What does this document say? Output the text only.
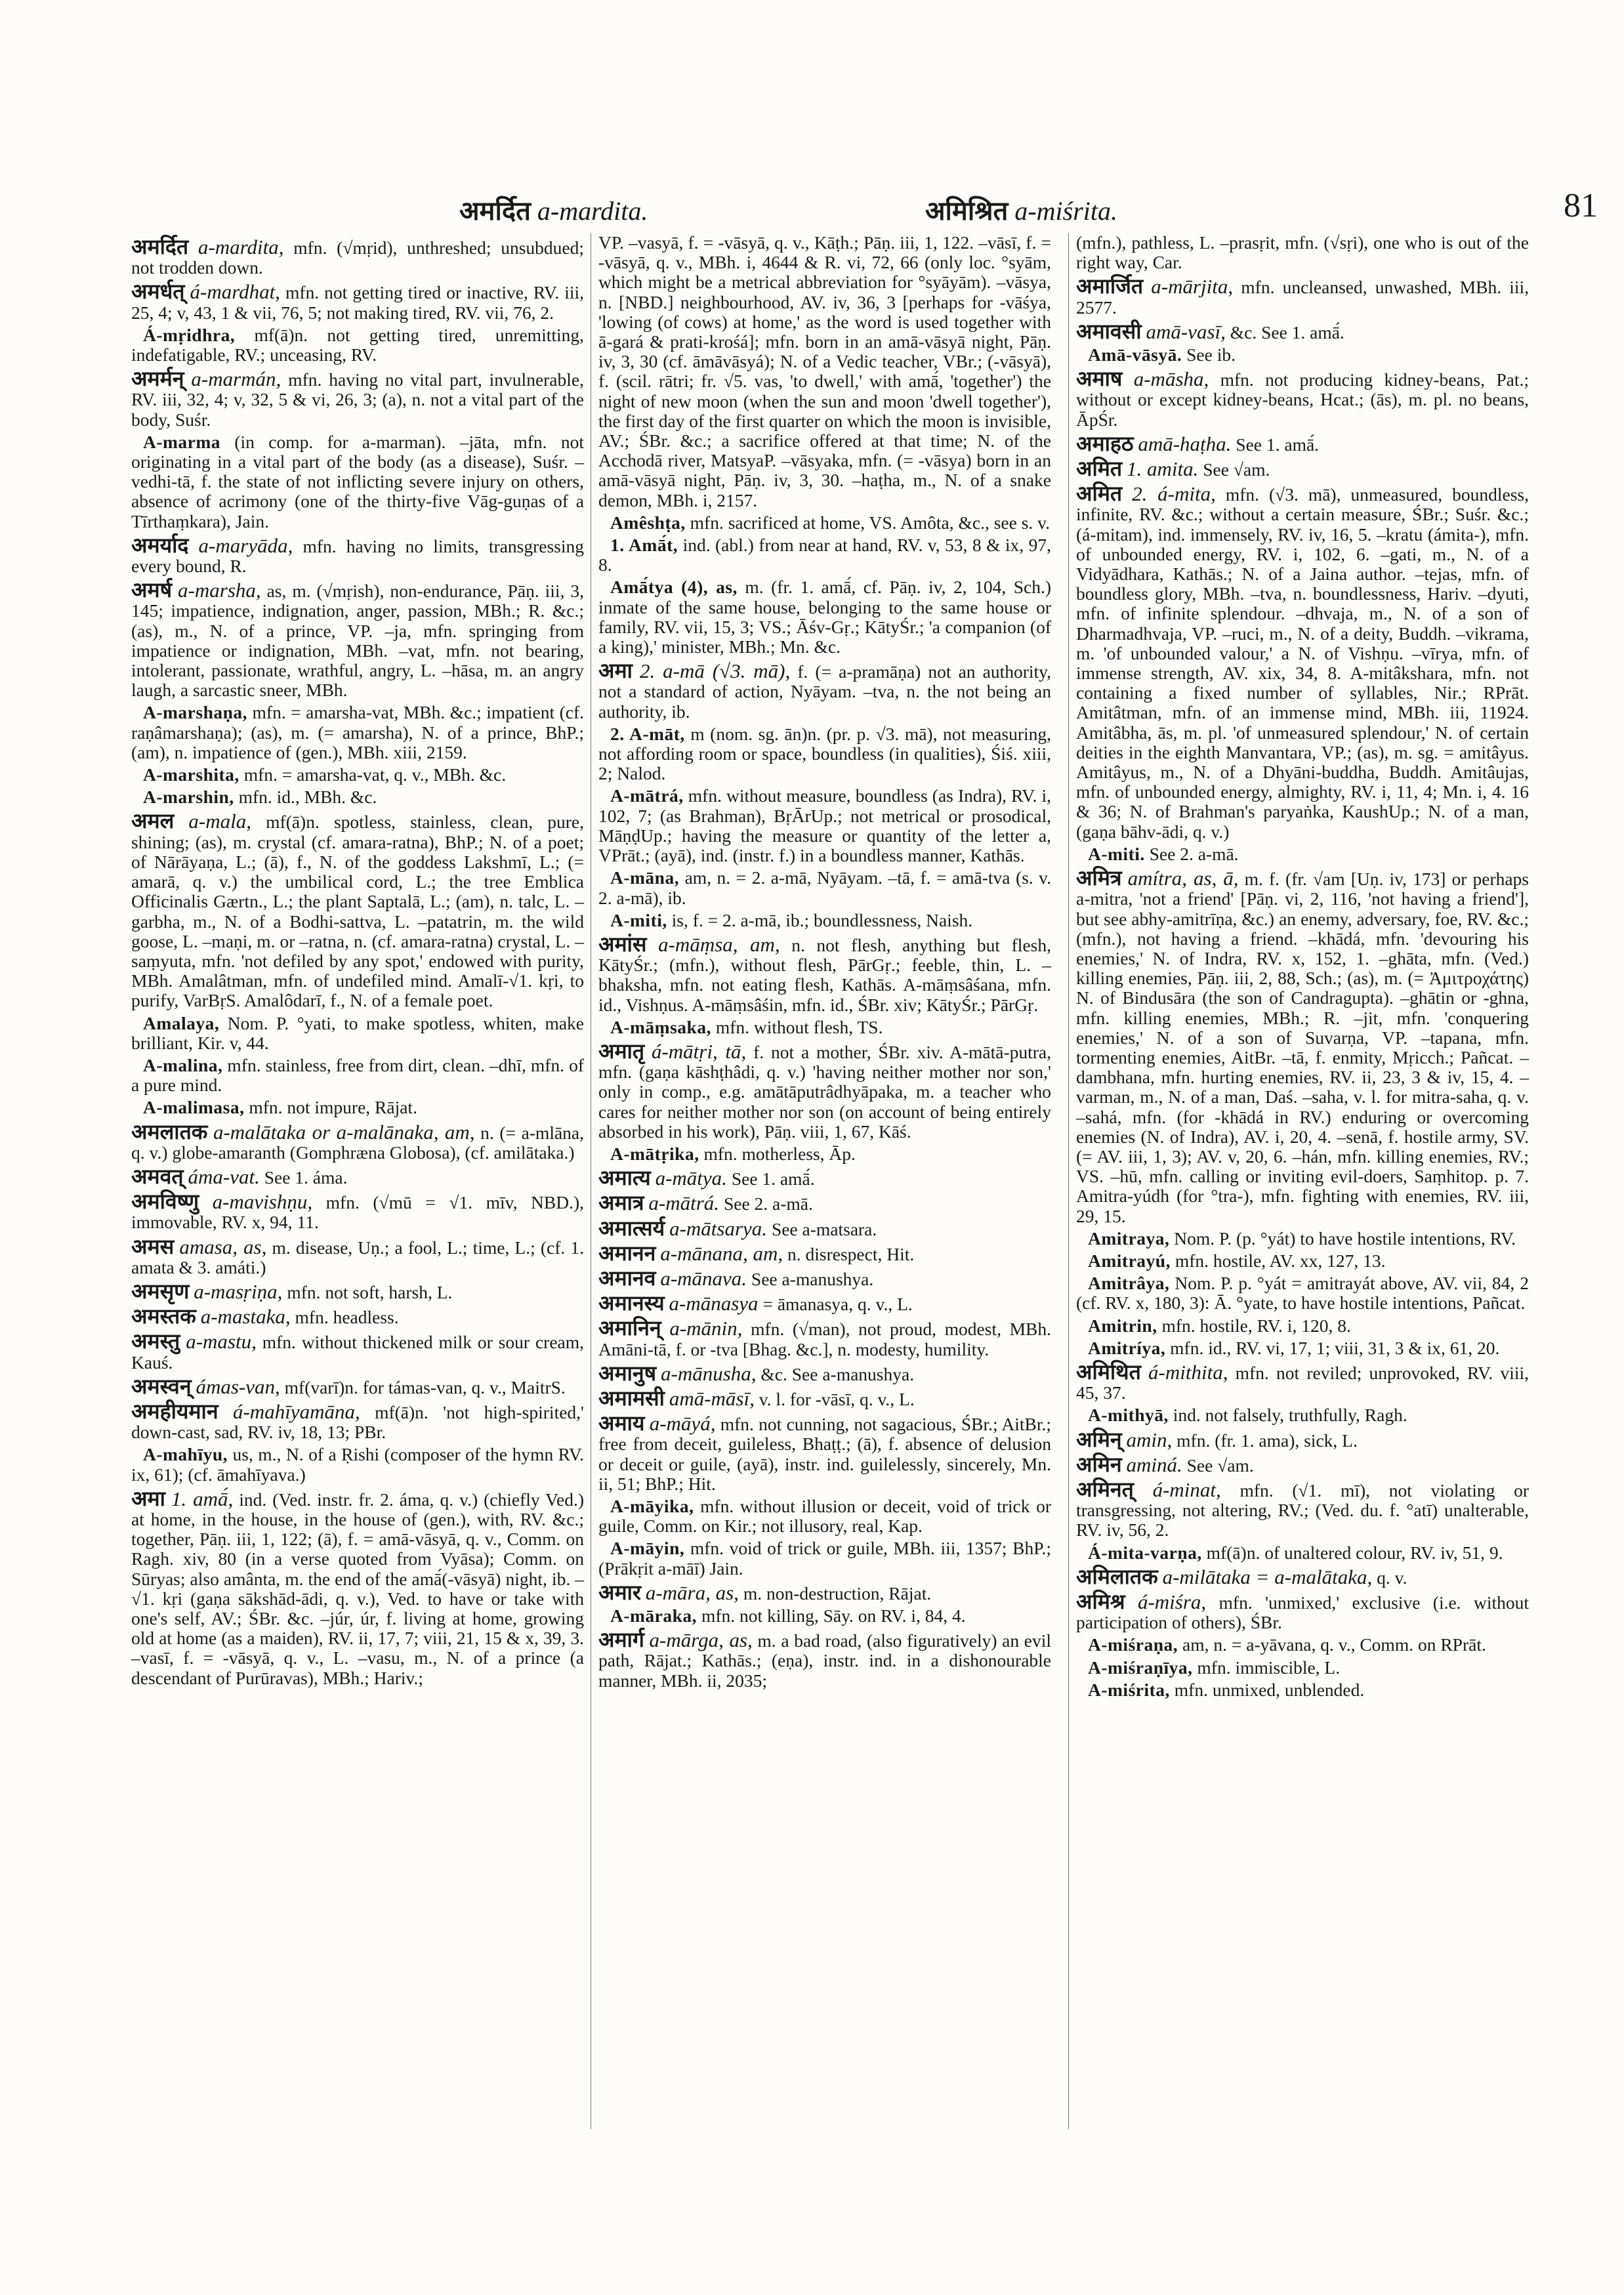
अमर्दित a-mardita.	अमिश्रित a-miśrita.	81

अमर्दित a-mardita, mfn. (√mṛid), unthreshed; unsubdued; not trodden down.

अमर्धत् á-mardhat, mfn. not getting tired or inactive, RV. iii, 25, 4; v, 43, 1 & vii, 76, 5; not making tired, RV. vii, 76, 2.

Á-mṛidhra, mf(ā)n. not getting tired, unremitting, indefatigable, RV.; unceasing, RV.

अमर्मन् a-marmán, mfn. having no vital part, invulnerable, RV. iii, 32, 4; v, 32, 5 & vi, 26, 3; (a), n. not a vital part of the body, Suśr.

A-marma (in comp. for a-marman). –jāta, mfn. not originating in a vital part of the body (as a disease), Suśr. –vedhi-tā, f. the state of not inflicting severe injury on others, absence of acrimony (one of the thirty-five Vāg-guṇas of a Tīrthaṃkara), Jain.

अमर्याद a-maryāda, mfn. having no limits, transgressing every bound, R.

अमर्ष a-marsha, as, m. (√mṛish), non-endurance, Pāṇ. iii, 3, 145; impatience, indignation, anger, passion, MBh.; R. &c.; (as), m., N. of a prince, VP. –ja, mfn. springing from impatience or indignation, MBh. –vat, mfn. not bearing, intolerant, passionate, wrathful, angry, L. –hāsa, m. an angry laugh, a sarcastic sneer, MBh.

A-marshaṇa, mfn. = amarsha-vat, MBh. &c.; impatient (cf. raṇâmarshaṇa); (as), m. (= amarsha), N. of a prince, BhP.; (am), n. impatience of (gen.), MBh. xiii, 2159.

A-marshita, mfn. = amarsha-vat, q. v., MBh. &c.

A-marshin, mfn. id., MBh. &c.

अमल a-mala, mf(ā)n. spotless, stainless, clean, pure, shining; (as), m. crystal (cf. amara-ratna), BhP.; N. of a poet; of Nārāyaṇa, L.; (ā), f., N. of the goddess Lakshmī, L.; (= amarā, q. v.) the umbilical cord, L.; the tree Emblica Officinalis Gærtn., L.; the plant Saptalā, L.; (am), n. talc, L. –garbha, m., N. of a Bodhi-sattva, L. –patatrin, m. the wild goose, L. –maṇi, m. or –ratna, n. (cf. amara-ratna) crystal, L. –saṃyuta, mfn. 'not defiled by any spot,' endowed with purity, MBh. Amalâtman, mfn. of undefiled mind. Amalī-√1. kṛi, to purify, VarBṛS. Amalôdarī, f., N. of a female poet.

Amalaya, Nom. P. °yati, to make spotless, whiten, make brilliant, Kir. v, 44.

A-malina, mfn. stainless, free from dirt, clean. –dhī, mfn. of a pure mind.

A-malimasa, mfn. not impure, Rājat.

अमलातक a-malātaka or a-malānaka, am, n. (= a-mlāna, q. v.) globe-amaranth (Gomphræna Globosa), (cf. amilātaka.)

अमवत् áma-vat. See 1. áma.

अमविष्णु a-mavishṇu, mfn. (√mū = √1. mīv, NBD.), immovable, RV. x, 94, 11.

अमस amasa, as, m. disease, Uṇ.; a fool, L.; time, L.; (cf. 1. amata & 3. amáti.)

अमसृण a-masṛiṇa, mfn. not soft, harsh, L.

अमस्तक a-mastaka, mfn. headless.

अमस्तु a-mastu, mfn. without thickened milk or sour cream, Kauś.

अमस्वन् ámas-van, mf(varī)n. for támas-van, q. v., MaitrS.

अमहीयमान á-mahīyamāna, mf(ā)n. 'not high-spirited,' down-cast, sad, RV. iv, 18, 13; PBr.

A-mahīyu, us, m., N. of a Ṛishi (composer of the hymn RV. ix, 61); (cf. āmahīyava.)

अमा 1. amā́, ind. (Ved. instr. fr. 2. áma, q. v.) (chiefly Ved.) at home, in the house, in the house of (gen.), with, RV. &c.; together, Pāṇ. iii, 1, 122; (ā), f. = amā-vāsyā, q. v., Comm. on Ragh. xiv, 80 (in a verse quoted from Vyāsa); Comm. on Sūryas; also amânta, m. the end of the amā́(-vāsyā) night, ib. –√1. kṛi (gaṇa sākshād-ādi, q. v.), Ved. to have or take with one's self, AV.; ŚBr. &c. –júr, úr, f. living at home, growing old at home (as a maiden), RV. ii, 17, 7; viii, 21, 15 & x, 39, 3. –vasī, f. = -vāsyā, q. v., L. –vasu, m., N. of a prince (a descendant of Purūravas), MBh.; Hariv.;

VP. –vasyā, f. = -vāsyā, q. v., Kāṭh.; Pāṇ. iii, 1, 122. –vāsī, f. = -vāsyā, q. v., MBh. i, 4644 & R. vi, 72, 66 (only loc. °syām, which might be a metrical abbreviation for °syāyām). –vāsya, n. [NBD.] neighbourhood, AV. iv, 36, 3 [perhaps for -vāśya, 'lowing (of cows) at home,' as the word is used together with ā-gará & prati-krośá]; mfn. born in an amā-vāsyā night, Pāṇ. iv, 3, 30 (cf. āmāvāsyá); N. of a Vedic teacher, VBr.; (-vāsyā), f. (scil. rātri; fr. √5. vas, 'to dwell,' with amā́, 'together') the night of new moon (when the sun and moon 'dwell together'), the first day of the first quarter on which the moon is invisible, AV.; ŚBr. &c.; a sacrifice offered at that time; N. of the Acchodā river, MatsyaP. –vāsyaka, mfn. (= -vāsya) born in an amā-vāsyā night, Pāṇ. iv, 3, 30. –haṭha, m., N. of a snake demon, MBh. i, 2157.

Amêshṭa, mfn. sacrificed at home, VS. Amôta, &c., see s. v.

1. Amā́t, ind. (abl.) from near at hand, RV. v, 53, 8 & ix, 97, 8.

Amā́tya (4), as, m. (fr. 1. amā́, cf. Pāṇ. iv, 2, 104, Sch.) inmate of the same house, belonging to the same house or family, RV. vii, 15, 3; VS.; Āśv-Gṛ.; KātyŚr.; 'a companion (of a king),' minister, MBh.; Mn. &c.

अमा 2. a-mā (√3. mā), f. (= a-pramāṇa) not an authority, not a standard of action, Nyāyam. –tva, n. the not being an authority, ib.

2. A-māt, m (nom. sg. ān)n. (pr. p. √3. mā), not measuring, not affording room or space, boundless (in qualities), Śiś. xiii, 2; Nalod.

A-mātrá, mfn. without measure, boundless (as Indra), RV. i, 102, 7; (as Brahman), BṛĀrUp.; not metrical or prosodical, MāṇḍUp.; having the measure or quantity of the letter a, VPrāt.; (ayā), ind. (instr. f.) in a boundless manner, Kathās.

A-māna, am, n. = 2. a-mā, Nyāyam. –tā, f. = amā-tva (s. v. 2. a-mā), ib.

A-miti, is, f. = 2. a-mā, ib.; boundlessness, Naish.

अमांस a-māṃsa, am, n. not flesh, anything but flesh, KātyŚr.; (mfn.), without flesh, PārGṛ.; feeble, thin, L. –bhaksha, mfn. not eating flesh, Kathās. A-māṃsâśana, mfn. id., Vishṇus. A-māṃsâśin, mfn. id., ŚBr. xiv; KātyŚr.; PārGṛ.

A-māṃsaka, mfn. without flesh, TS.

अमातृ á-mātṛi, tā, f. not a mother, ŚBr. xiv. A-mātā-putra, mfn. (gaṇa kāshṭhâdi, q. v.) 'having neither mother nor son,' only in comp., e.g. amātāputrâdhyāpaka, m. a teacher who cares for neither mother nor son (on account of being entirely absorbed in his work), Pāṇ. viii, 1, 67, Kāś.

A-mātṛika, mfn. motherless, Āp.

अमात्य a-mātya. See 1. amā́.

अमात्र a-mātrá. See 2. a-mā.

अमात्सर्य a-mātsarya. See a-matsara.

अमानन a-mānana, am, n. disrespect, Hit.

अमानव a-mānava. See a-manushya.

अमानस्य a-mānasya = āmanasya, q. v., L.

अमानिन् a-mānin, mfn. (√man), not proud, modest, MBh. Amāni-tā, f. or -tva [Bhag. &c.], n. modesty, humility.

अमानुष a-mānusha, &c. See a-manushya.

अमामसी amā-māsī, v. l. for -vāsī, q. v., L.

अमाय a-māyá, mfn. not cunning, not sagacious, ŚBr.; AitBr.; free from deceit, guileless, Bhaṭṭ.; (ā), f. absence of delusion or deceit or guile, (ayā), instr. ind. guilelessly, sincerely, Mn. ii, 51; BhP.; Hit.

A-māyika, mfn. without illusion or deceit, void of trick or guile, Comm. on Kir.; not illusory, real, Kap.

A-māyin, mfn. void of trick or guile, MBh. iii, 1357; BhP.; (Prākṛit a-māī) Jain.

अमार a-māra, as, m. non-destruction, Rājat.

A-māraka, mfn. not killing, Sāy. on RV. i, 84, 4.

अमार्ग a-mārga, as, m. a bad road, (also figuratively) an evil path, Rājat.; Kathās.; (eṇa), instr. ind. in a dishonourable manner, MBh. ii, 2035;

(mfn.), pathless, L. –prasṛit, mfn. (√sṛi), one who is out of the right way, Car.

अमार्जित a-mārjita, mfn. uncleansed, unwashed, MBh. iii, 2577.

अमावसी amā-vasī, &c. See 1. amā́.

Amā-vāsyā. See ib.

अमाष a-māsha, mfn. not producing kidney-beans, Pat.; without or except kidney-beans, Hcat.; (ās), m. pl. no beans, ĀpŚr.

अमाहठ amā-haṭha. See 1. amā́.

अमित 1. amita. See √am.

अमित 2. á-mita, mfn. (√3. mā), unmeasured, boundless, infinite, RV. &c.; without a certain measure, ŚBr.; Suśr. &c.; (á-mitam), ind. immensely, RV. iv, 16, 5. –kratu (ámita-), mfn. of unbounded energy, RV. i, 102, 6. –gati, m., N. of a Vidyādhara, Kathās.; N. of a Jaina author. –tejas, mfn. of boundless glory, MBh. –tva, n. boundlessness, Hariv. –dyuti, mfn. of infinite splendour. –dhvaja, m., N. of a son of Dharmadhvaja, VP. –ruci, m., N. of a deity, Buddh. –vikrama, m. 'of unbounded valour,' a N. of Vishṇu. –vīrya, mfn. of immense strength, AV. xix, 34, 8. A-mitâkshara, mfn. not containing a fixed number of syllables, Nir.; RPrāt. Amitâtman, mfn. of an immense mind, MBh. iii, 11924. Amitâbha, ās, m. pl. 'of unmeasured splendour,' N. of certain deities in the eighth Manvantara, VP.; (as), m. sg. = amitâyus. Amitâyus, m., N. of a Dhyāni-buddha, Buddh. Amitâujas, mfn. of unbounded energy, almighty, RV. i, 11, 4; Mn. i, 4. 16 & 36; N. of Brahman's paryaṅka, KaushUp.; N. of a man, (gaṇa bāhv-ādi, q. v.)

A-miti. See 2. a-mā.

अमित्र amítra, as, ā, m. f. (fr. √am [Uṇ. iv, 173] or perhaps a-mitra, 'not a friend' [Pāṇ. vi, 2, 116, 'not having a friend'], but see abhy-amitrīṇa, &c.) an enemy, adversary, foe, RV. &c.; (mfn.), not having a friend. –khādá, mfn. 'devouring his enemies,' N. of Indra, RV. x, 152, 1. –ghāta, mfn. (Ved.) killing enemies, Pāṇ. iii, 2, 88, Sch.; (as), m. (= Ἀμιτροχάτης) N. of Bindusāra (the son of Candragupta). –ghātin or -ghna, mfn. killing enemies, MBh.; R. –jit, mfn. 'conquering enemies,' N. of a son of Suvarṇa, VP. –tapana, mfn. tormenting enemies, AitBr. –tā, f. enmity, Mṛicch.; Pañcat. –dambhana, mfn. hurting enemies, RV. ii, 23, 3 & iv, 15, 4. –varman, m., N. of a man, Daś. –saha, v. l. for mitra-saha, q. v. –sahá, mfn. (for -khādá in RV.) enduring or overcoming enemies (N. of Indra), AV. i, 20, 4. –senā, f. hostile army, SV. (= AV. iii, 1, 3); AV. v, 20, 6. –hán, mfn. killing enemies, RV.; VS. –hū, mfn. calling or inviting evil-doers, Saṃhitop. p. 7. Amitra-yúdh (for °tra-), mfn. fighting with enemies, RV. iii, 29, 15.

Amitraya, Nom. P. (p. °yát) to have hostile intentions, RV.

Amitrayú, mfn. hostile, AV. xx, 127, 13.

Amitrâya, Nom. P. p. °yát = amitrayát above, AV. vii, 84, 2 (cf. RV. x, 180, 3): Ā. °yate, to have hostile intentions, Pañcat.

Amitrin, mfn. hostile, RV. i, 120, 8.

Amitríya, mfn. id., RV. vi, 17, 1; viii, 31, 3 & ix, 61, 20.

अमिथित á-mithita, mfn. not reviled; unprovoked, RV. viii, 45, 37.

A-mithyā, ind. not falsely, truthfully, Ragh.

अमिन् amin, mfn. (fr. 1. ama), sick, L.

अमिन aminá. See √am.

अमिनत् á-minat, mfn. (√1. mī), not violating or transgressing, not altering, RV.; (Ved. du. f. °atī) unalterable, RV. iv, 56, 2.

Á-mita-varṇa, mf(ā)n. of unaltered colour, RV. iv, 51, 9.

अमिलातक a-milātaka = a-malātaka, q. v.

अमिश्र á-miśra, mfn. 'unmixed,' exclusive (i.e. without participation of others), ŚBr.

A-miśraṇa, am, n. = a-yāvana, q. v., Comm. on RPrāt.

A-miśraṇīya, mfn. immiscible, L.

A-miśrita, mfn. unmixed, unblended.
